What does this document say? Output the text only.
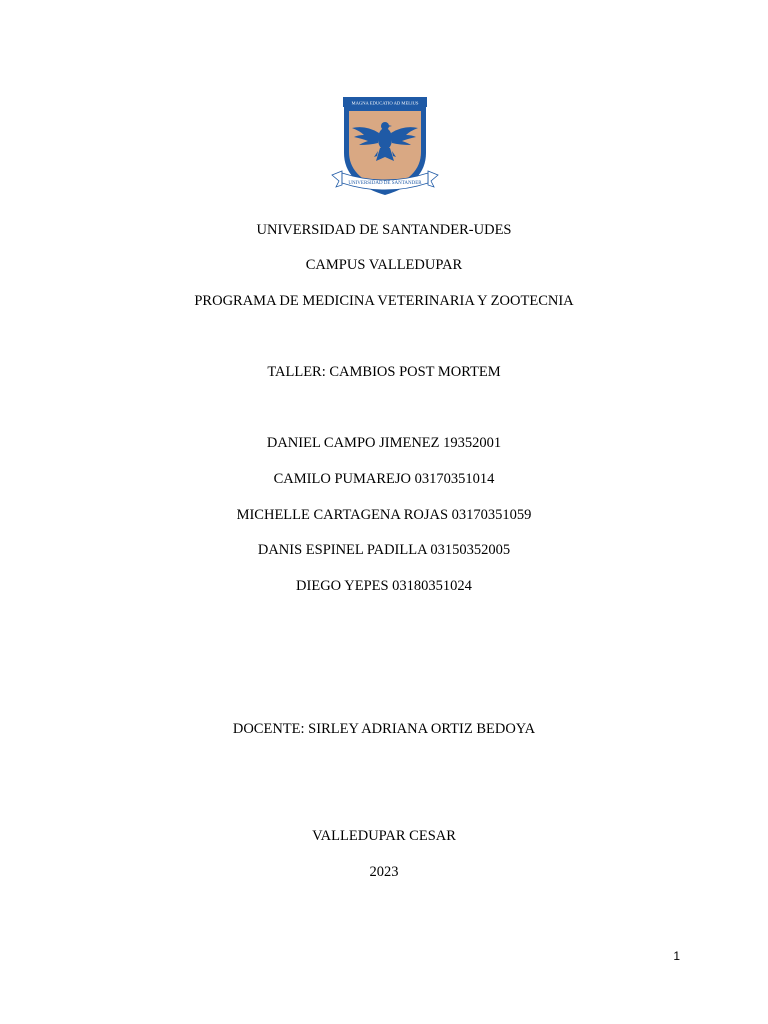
MAGNA EDUCATIO AD MELIUS
UNIVERSIDAD DE SANTANDER
UNIVERSIDAD DE SANTANDER-UDES
CAMPUS VALLEDUPAR
PROGRAMA DE MEDICINA VETERINARIA Y ZOOTECNIA
TALLER: CAMBIOS POST MORTEM
DANIEL CAMPO JIMENEZ 19352001
CAMILO PUMAREJO 03170351014
MICHELLE CARTAGENA ROJAS 03170351059
DANIS ESPINEL PADILLA 03150352005
DIEGO YEPES 03180351024
DOCENTE: SIRLEY ADRIANA ORTIZ BEDOYA
VALLEDUPAR CESAR
2023
1
